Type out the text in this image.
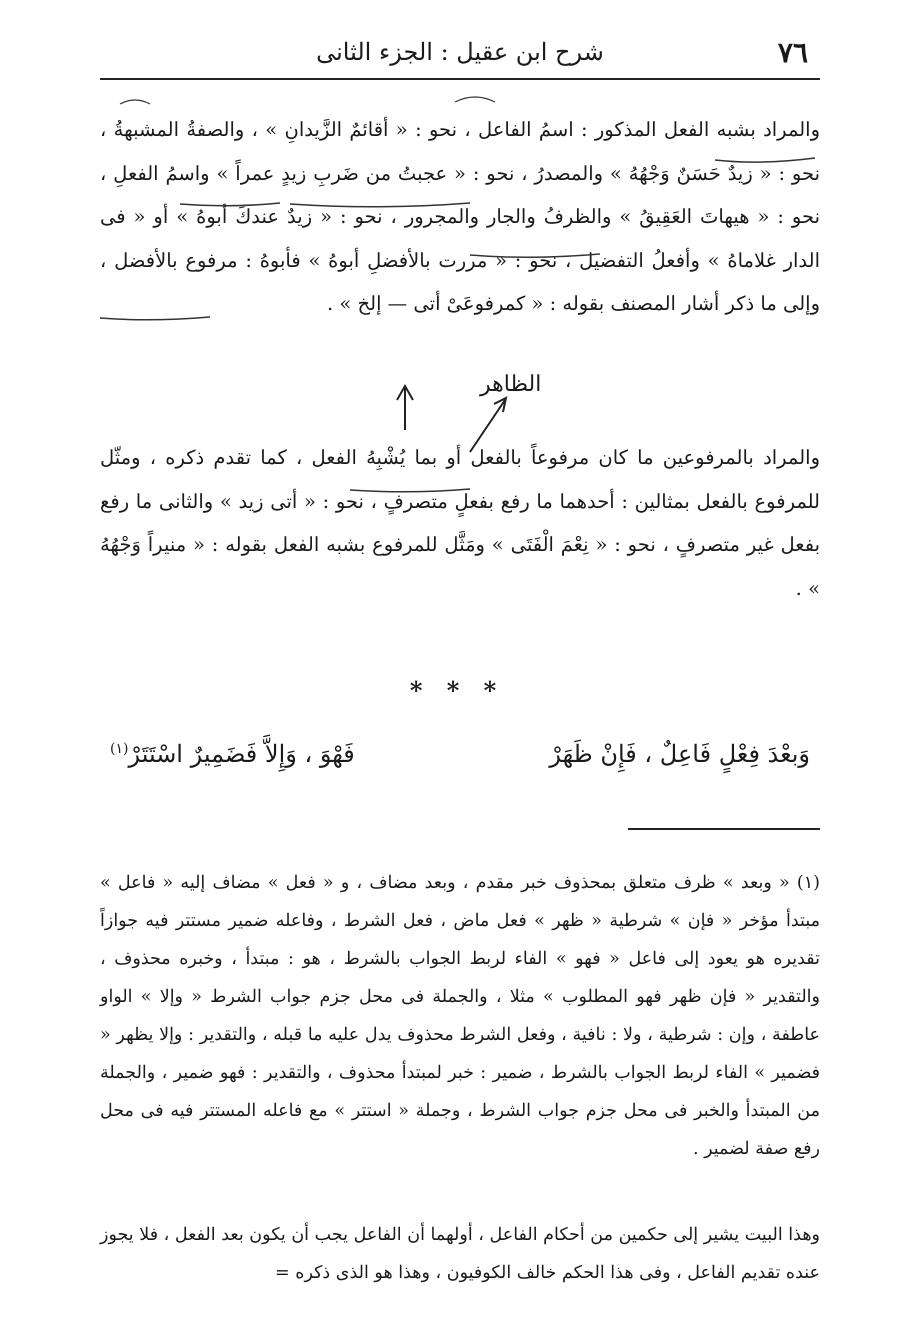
شرح ابن عقيل : الجزء الثانى	٧٦

والمراد بشبه الفعل المذكور : اسمُ الفاعل ، نحو : « أقائمٌ الزَّيدانِ » ، والصفةُ المشبهةُ ، نحو : « زيدٌ حَسَنٌ وَجْهُهُ » والمصدرُ ، نحو : « عجبتُ من ضَربِ زيدٍ عمراً » واسمُ الفعلِ ، نحو : « هيهاتَ العَقِيقُ » والظرفُ والجار والمجرور ، نحو : « زيدٌ عندكَ أبوهُ » أو « فى الدار غلاماهُ » وأفعلُ التفضيل ، نحو : « مررت بالأفضلِ أبوهُ » فأبوهُ : مرفوع بالأفضل ، وإلى ما ذكر أشار المصنف بقوله : « كمرفوعَىْ أتى — إلخ » .

الظاهر

والمراد بالمرفوعين ما كان مرفوعاً بالفعل أو بما يُشْبِهُ الفعل ، كما تقدم ذكره ، ومثّل للمرفوع بالفعل بمثالين : أحدهما ما رفع بفعلٍ متصرفٍ ، نحو : « أتى زيد » والثانى ما رفع بفعل غير متصرفٍ ، نحو : « نِعْمَ الْفَتَى » ومَثَّل للمرفوع بشبه الفعل بقوله : « منيراً وَجْهُهُ » .

* * *
وَبعْدَ فِعْلٍ فَاعِلٌ ، فَإِنْ ظَهَرْ
فَهْوَ ، وَإِلاَّ فَضَمِيرٌ اسْتَتَرْ$^{(١)}$

(١) « وبعد » ظرف متعلق بمحذوف خبر مقدم ، وبعد مضاف ، و « فعل » مضاف إليه « فاعل » مبتدأ مؤخر « فإن » شرطية « ظهر » فعل ماض ، فعل الشرط ، وفاعله ضمير مستتر فيه جوازاً تقديره هو يعود إلى فاعل « فهو » الفاء لربط الجواب بالشرط ، هو : مبتدأ ، وخبره محذوف ، والتقدير « فإن ظهر فهو المطلوب » مثلا ، والجملة فى محل جزم جواب الشرط « وإلا » الواو عاطفة ، وإن : شرطية ، ولا : نافية ، وفعل الشرط محذوف يدل عليه ما قبله ، والتقدير : وإلا يظهر « فضمير » الفاء لربط الجواب بالشرط ، ضمير : خبر لمبتدأ محذوف ، والتقدير : فهو ضمير ، والجملة من المبتدأ والخبر فى محل جزم جواب الشرط ، وجملة « استتر » مع فاعله المستتر فيه فى محل رفع صفة لضمير .

وهذا البيت يشير إلى حكمين من أحكام الفاعل ، أولهما أن الفاعل يجب أن يكون بعد الفعل ، فلا يجوز عنده تقديم الفاعل ، وفى هذا الحكم خالف الكوفيون ، وهذا هو الذى ذكره =
